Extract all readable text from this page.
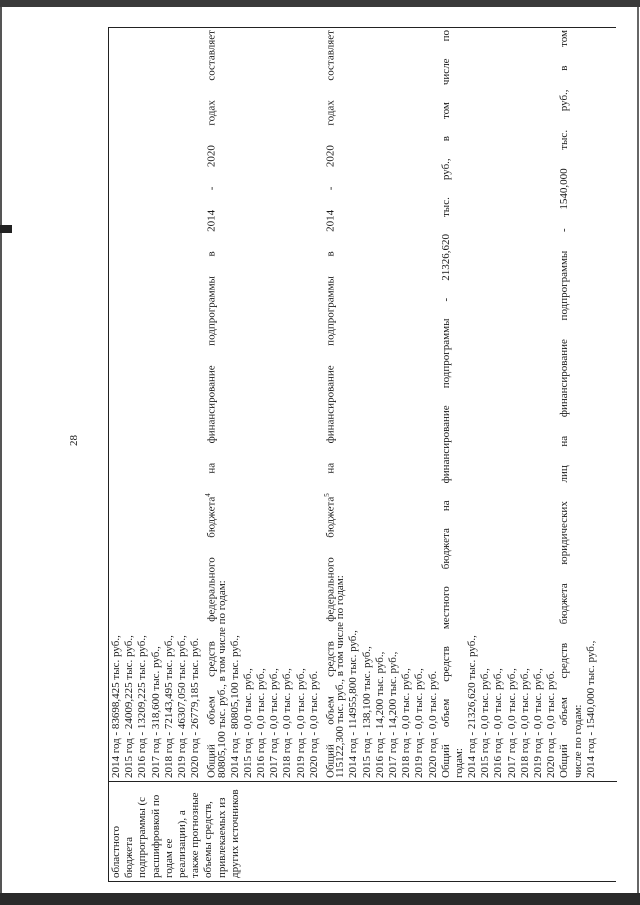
28
областного бюджета подпрограммы (с расшифровкой по годам ее реализации), а также прогнозные объемы средств, привлекаемых из других источников
2014 год - 83698,425 тыс. руб., 2015 год - 24009,225 тыс. руб., 2016 год - 13209,225 тыс. руб., 2017 год - 318,600 тыс. руб., 2018 год - 72143,495 тыс. руб., 2019 год - 46307,050 тыс. руб., 2020 год - 26779,185 тыс. руб. Общий объем средств федерального бюджета$^4$ на финансирование подпрограммы в 2014 - 2020 годах составляет
80805,100 тыс. руб., в том числе по годам: 2014 год - 80805,100 тыс. руб., 2015 год - 0,0 тыс. руб., 2016 год - 0,0 тыс. руб., 2017 год - 0,0 тыс. руб., 2018 год - 0,0 тыс. руб., 2019 год - 0,0 тыс. руб., 2020 год - 0,0 тыс. руб. Общий объем средств федерального бюджета$^5$ на финансирование подпрограммы в 2014 - 2020 годах составляет
115122,300 тыс. руб., в том числе по годам: 2014 год - 114955,800 тыс. руб., 2015 год - 138,100 тыс. руб., 2016 год - 14,200 тыс. руб., 2017 год - 14,200 тыс. руб., 2018 год - 0,0 тыс. руб., 2019 год - 0,0 тыс. руб., 2020 год - 0,0 тыс. руб. Общий объем средств местного бюджета на финансирование подпрограммы - 21326,620 тыс. руб., в том числе по годам: 2014 год - 21326,620 тыс. руб., 2015 год - 0,0 тыс. руб., 2016 год - 0,0 тыс. руб., 2017 год - 0,0 тыс. руб., 2018 год - 0,0 тыс. руб., 2019 год - 0,0 тыс. руб., 2020 год - 0,0 тыс. руб. Общий объем средств бюджета юридических лиц на финансирование подпрограммы - 1540,000 тыс. руб., в том числе по годам: 2014 год - 1540,000 тыс. руб.,
